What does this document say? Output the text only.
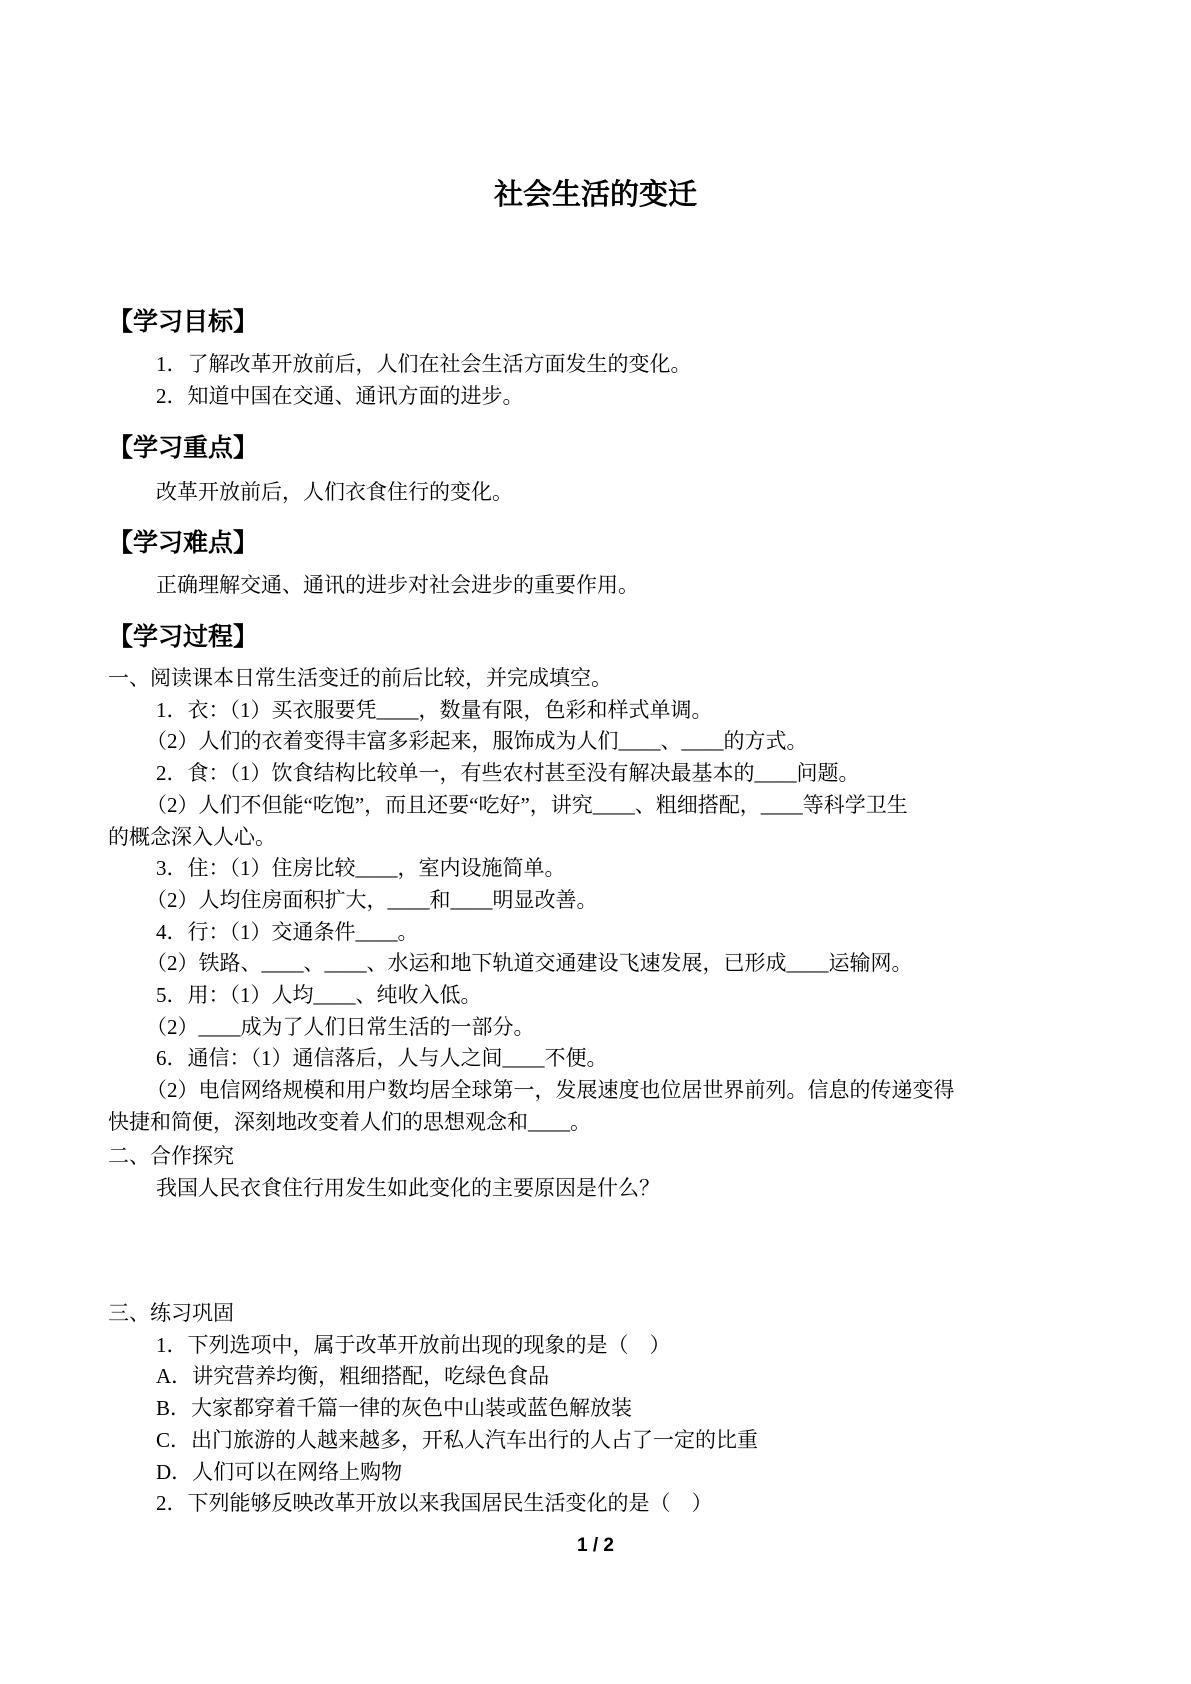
社会生活的变迁
【学习目标】
1．了解改革开放前后，人们在社会生活方面发生的变化。
2．知道中国在交通、通讯方面的进步。
【学习重点】
改革开放前后，人们衣食住行的变化。
【学习难点】
正确理解交通、通讯的进步对社会进步的重要作用。
【学习过程】
一、阅读课本日常生活变迁的前后比较，并完成填空。
1．衣：（1）买衣服要凭____，数量有限，色彩和样式单调。
（2）人们的衣着变得丰富多彩起来，服饰成为人们____、____的方式。
2．食：（1）饮食结构比较单一，有些农村甚至没有解决最基本的____问题。
（2）人们不但能“吃饱”，而且还要“吃好”，讲究____、粗细搭配，____等科学卫生
的概念深入人心。
3．住：（1）住房比较____，室内设施简单。
（2）人均住房面积扩大，____和____明显改善。
4．行：（1）交通条件____。
（2）铁路、____、____、水运和地下轨道交通建设飞速发展，已形成____运输网。
5．用：（1）人均____、纯收入低。
（2）____成为了人们日常生活的一部分。
6．通信：（1）通信落后，人与人之间____不便。
（2）电信网络规模和用户数均居全球第一，发展速度也位居世界前列。信息的传递变得
快捷和简便，深刻地改变着人们的思想观念和____。
二、合作探究
我国人民衣食住行用发生如此变化的主要原因是什么？
三、练习巩固
1．下列选项中，属于改革开放前出现的现象的是（    ）
A．讲究营养均衡，粗细搭配，吃绿色食品
B．大家都穿着千篇一律的灰色中山装或蓝色解放装
C．出门旅游的人越来越多，开私人汽车出行的人占了一定的比重
D．人们可以在网络上购物
2．下列能够反映改革开放以来我国居民生活变化的是（    ）
1 / 2
